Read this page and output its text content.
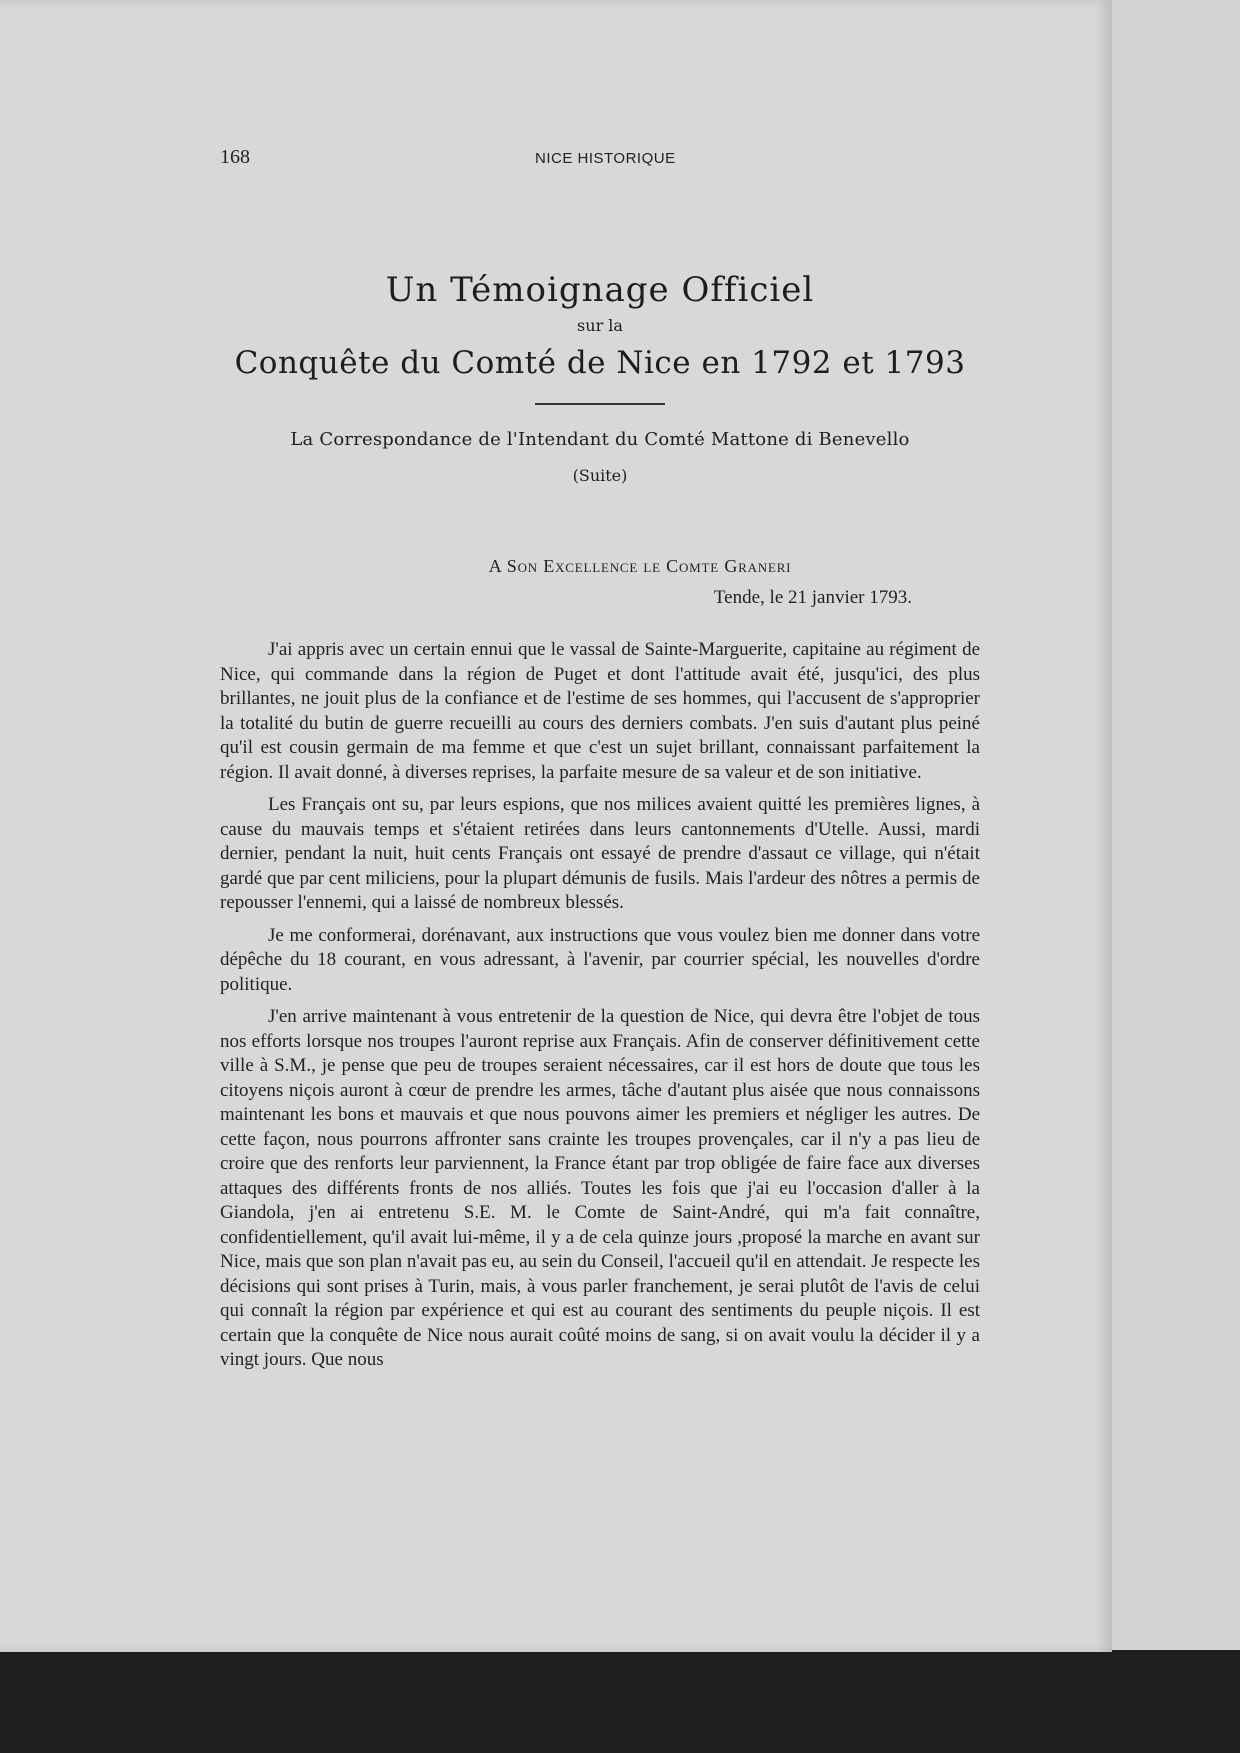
168	NICE HISTORIQUE
Un Témoignage Officiel
sur la
Conquête du Comté de Nice en 1792 et 1793

La Correspondance de l'Intendant du Comté Mattone di Benevello

(Suite)
A Son Excellence le Comte Graneri
Tende, le 21 janvier 1793.

J'ai appris avec un certain ennui que le vassal de Sainte-Marguerite, capitaine au régiment de Nice, qui commande dans la région de Puget et dont l'attitude avait été, jusqu'ici, des plus brillantes, ne jouit plus de la confiance et de l'estime de ses hommes, qui l'accusent de s'approprier la totalité du butin de guerre recueilli au cours des derniers combats. J'en suis d'autant plus peiné qu'il est cousin germain de ma femme et que c'est un sujet brillant, connaissant parfaitement la région. Il avait donné, à diverses reprises, la parfaite mesure de sa valeur et de son initiative.

Les Français ont su, par leurs espions, que nos milices avaient quitté les premières lignes, à cause du mauvais temps et s'étaient retirées dans leurs cantonnements d'Utelle. Aussi, mardi dernier, pendant la nuit, huit cents Français ont essayé de prendre d'assaut ce village, qui n'était gardé que par cent miliciens, pour la plupart démunis de fusils. Mais l'ardeur des nôtres a permis de repousser l'ennemi, qui a laissé de nombreux blessés.

Je me conformerai, dorénavant, aux instructions que vous voulez bien me donner dans votre dépêche du 18 courant, en vous adressant, à l'avenir, par courrier spécial, les nouvelles d'ordre politique.

J'en arrive maintenant à vous entretenir de la question de Nice, qui devra être l'objet de tous nos efforts lorsque nos troupes l'auront reprise aux Français. Afin de conserver définitivement cette ville à S.M., je pense que peu de troupes seraient nécessaires, car il est hors de doute que tous les citoyens niçois auront à cœur de prendre les armes, tâche d'autant plus aisée que nous connaissons maintenant les bons et mauvais et que nous pouvons aimer les premiers et négliger les autres. De cette façon, nous pourrons affronter sans crainte les troupes provençales, car il n'y a pas lieu de croire que des renforts leur parviennent, la France étant par trop obligée de faire face aux diverses attaques des différents fronts de nos alliés. Toutes les fois que j'ai eu l'occasion d'aller à la Giandola, j'en ai entretenu S.E. M. le Comte de Saint-André, qui m'a fait connaître, confidentiellement, qu'il avait lui-même, il y a de cela quinze jours ,proposé la marche en avant sur Nice, mais que son plan n'avait pas eu, au sein du Conseil, l'accueil qu'il en attendait. Je respecte les décisions qui sont prises à Turin, mais, à vous parler franchement, je serai plutôt de l'avis de celui qui connaît la région par expérience et qui est au courant des sentiments du peuple niçois. Il est certain que la conquête de Nice nous aurait coûté moins de sang, si on avait voulu la décider il y a vingt jours. Que nous
